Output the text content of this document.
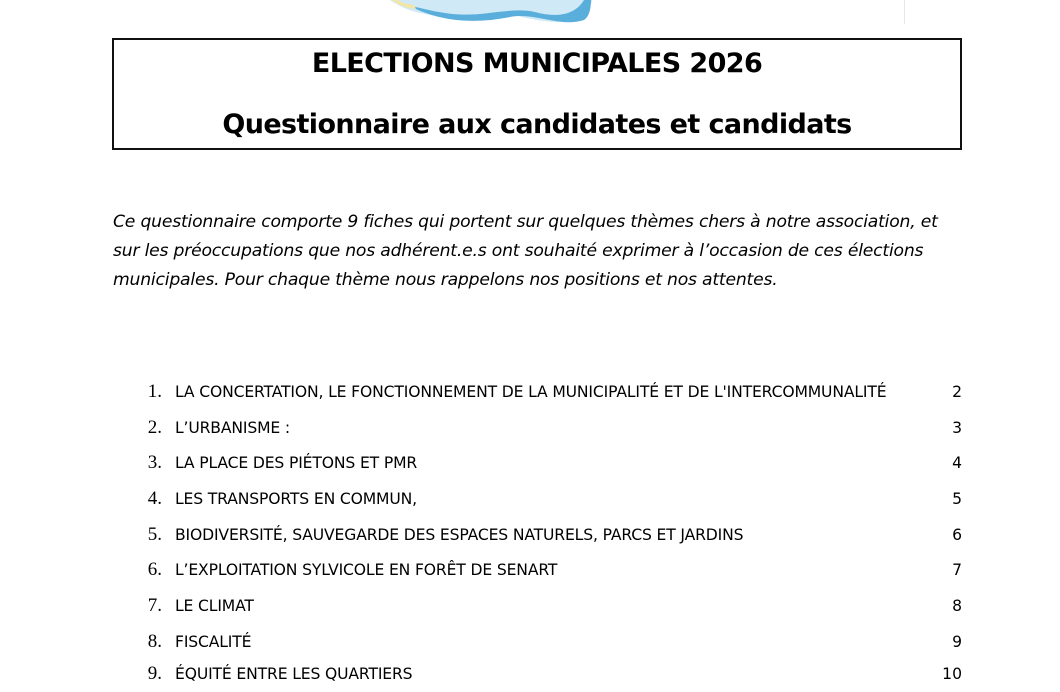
ELECTIONS MUNICIPALES 2026
Questionnaire aux candidates et candidats
Ce questionnaire comporte 9 fiches qui portent sur quelques thèmes chers à notre association, et
sur les préoccupations que nos adhérent.e.s ont souhaité exprimer à l’occasion de ces élections
municipales. Pour chaque thème nous rappelons nos positions et nos attentes.
1. LA CONCERTATION, LE FONCTIONNEMENT DE LA MUNICIPALITÉ ET DE L'INTERCOMMUNALITÉ	2
2. L’URBANISME :	3
3. LA PLACE DES PIÉTONS ET PMR	4
4. LES TRANSPORTS EN COMMUN,	5
5. BIODIVERSITÉ, SAUVEGARDE DES ESPACES NATURELS, PARCS ET JARDINS	6
6. L’EXPLOITATION SYLVICOLE EN FORÊT DE SENART	7
7. LE CLIMAT	8
8. FISCALITÉ	9
9. ÉQUITÉ ENTRE LES QUARTIERS	10
